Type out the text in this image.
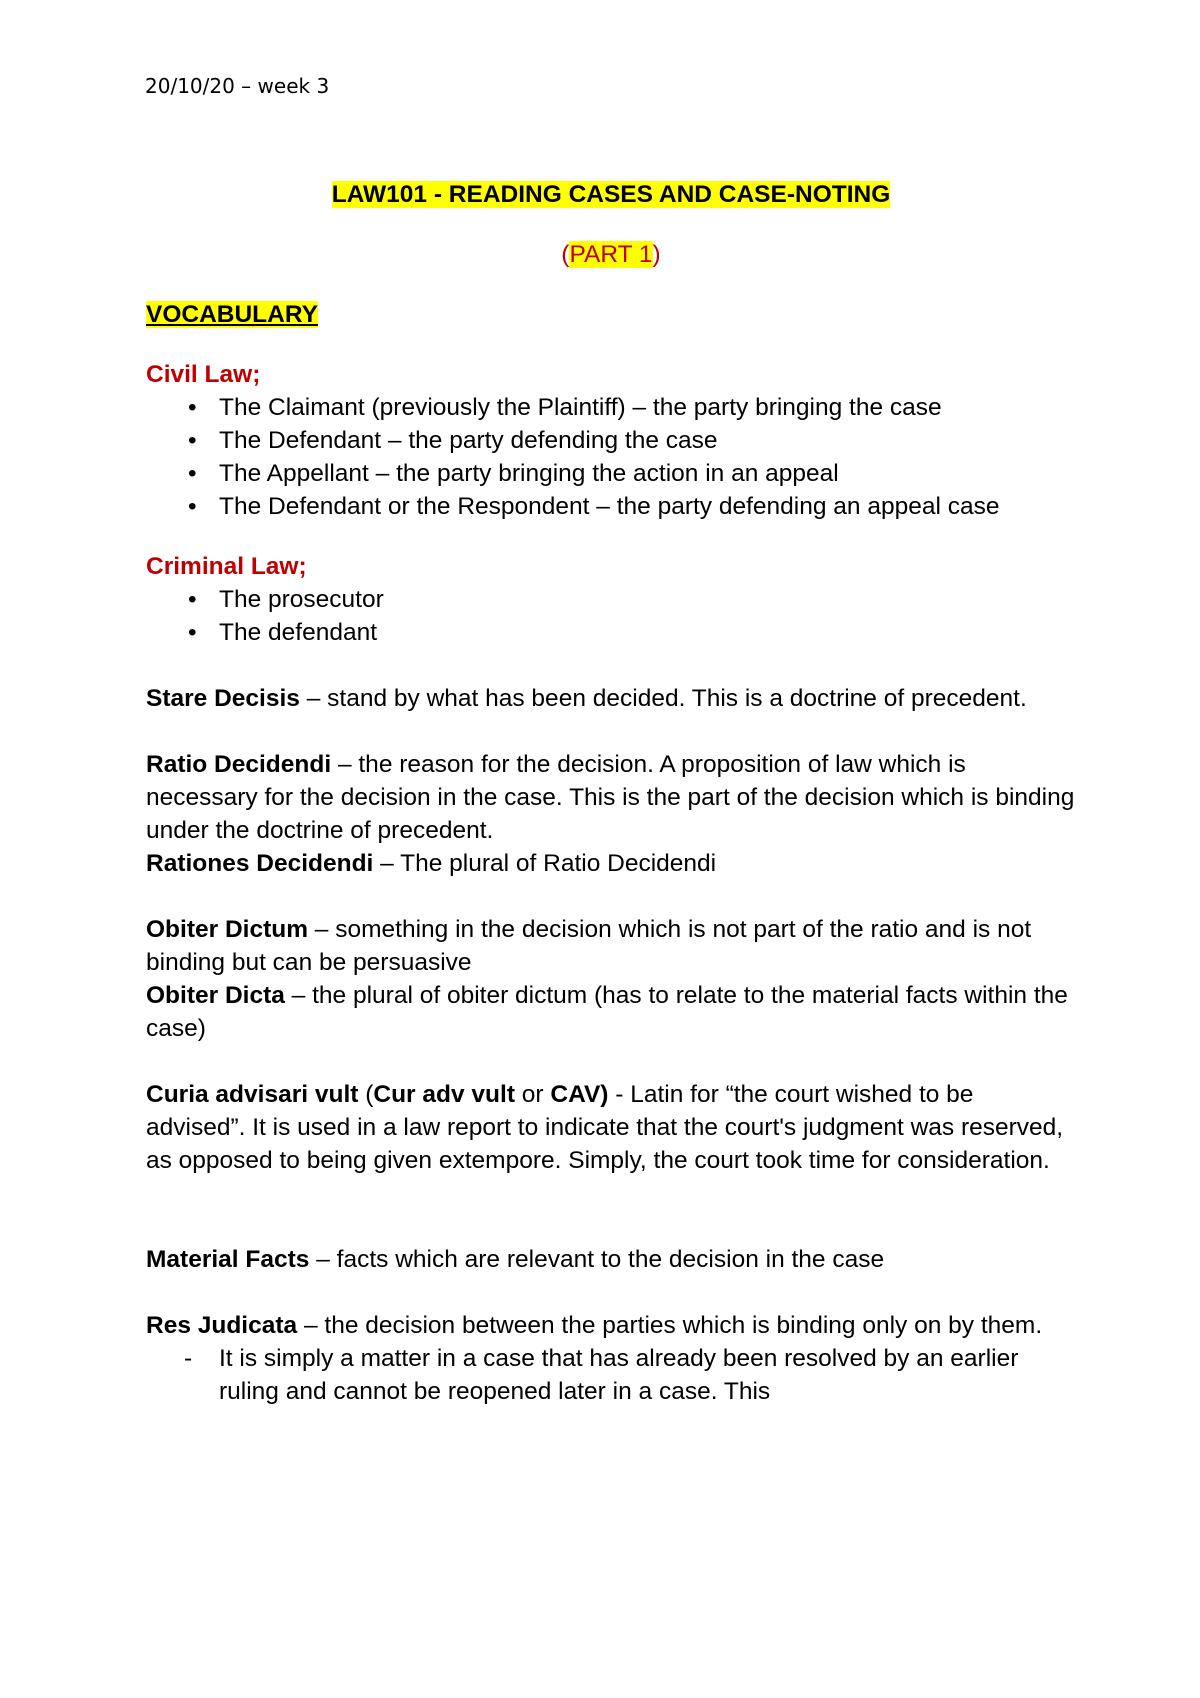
20/10/20 – week 3

LAW101 - READING CASES AND CASE-NOTING

(PART 1)

VOCABULARY

Civil Law;

• The Claimant (previously the Plaintiff) – the party bringing the case
• The Defendant – the party defending the case
• The Appellant – the party bringing the action in an appeal
• The Defendant or the Respondent – the party defending an appeal case

Criminal Law;

• The prosecutor
• The defendant

Stare Decisis – stand by what has been decided. This is a doctrine of precedent.

Ratio Decidendi – the reason for the decision. A proposition of law which is necessary for the decision in the case. This is the part of the decision which is binding under the doctrine of precedent.

Rationes Decidendi – The plural of Ratio Decidendi

Obiter Dictum – something in the decision which is not part of the ratio and is not binding but can be persuasive

Obiter Dicta – the plural of obiter dictum (has to relate to the material facts within the case)

Curia advisari vult (Cur adv vult or CAV) - Latin for “the court wished to be advised”. It is used in a law report to indicate that the court's judgment was reserved, as opposed to being given extempore. Simply, the court took time for consideration.

Material Facts – facts which are relevant to the decision in the case

Res Judicata – the decision between the parties which is binding only on by them.

- It is simply a matter in a case that has already been resolved by an earlier ruling and cannot be reopened later in a case. This
